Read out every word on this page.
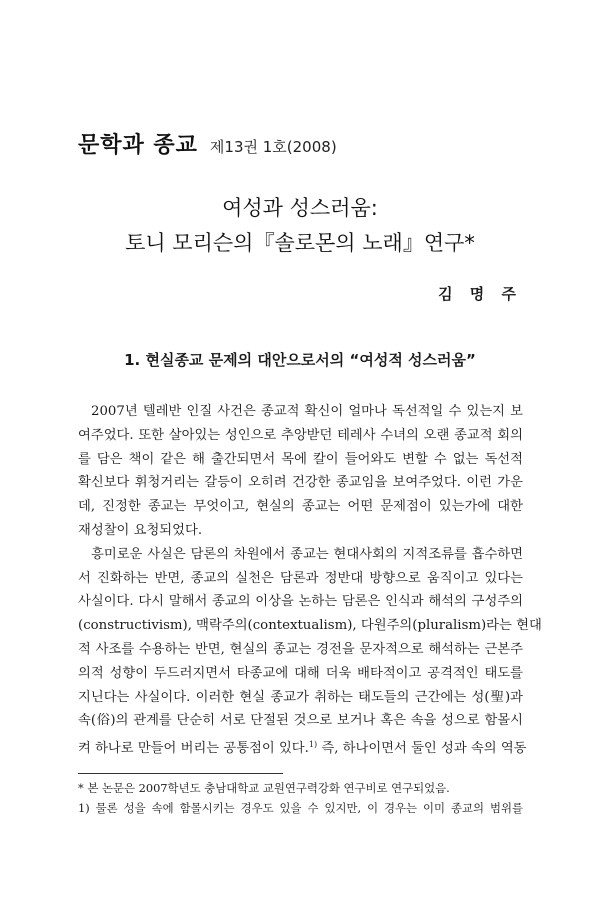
문학과 종교 제13권 1호(2008)
여성과 성스러움:
토니 모리슨의『솔로몬의 노래』연구*
김 명 주
1. 현실종교 문제의 대안으로서의 “여성적 성스러움”
2007년 텔레반 인질 사건은 종교적 확신이 얼마나 독선적일 수 있는지 보
여주었다. 또한 살아있는 성인으로 추앙받던 테레사 수녀의 오랜 종교적 회의
를 담은 책이 같은 해 출간되면서 목에 칼이 들어와도 변할 수 없는 독선적
확신보다 휘청거리는 갈등이 오히려 건강한 종교임을 보여주었다. 이런 가운
데, 진정한 종교는 무엇이고, 현실의 종교는 어떤 문제점이 있는가에 대한
재성찰이 요청되었다.
흥미로운 사실은 담론의 차원에서 종교는 현대사회의 지적조류를 흡수하면
서 진화하는 반면, 종교의 실천은 담론과 정반대 방향으로 움직이고 있다는
사실이다. 다시 말해서 종교의 이상을 논하는 담론은 인식과 해석의 구성주의
(constructivism), 맥락주의(contextualism), 다원주의(pluralism)라는 현대
적 사조를 수용하는 반면, 현실의 종교는 경전을 문자적으로 해석하는 근본주
의적 성향이 두드러지면서 타종교에 대해 더욱 배타적이고 공격적인 태도를
지닌다는 사실이다. 이러한 현실 종교가 취하는 태도들의 근간에는 성(聖)과
속(俗)의 관계를 단순히 서로 단절된 것으로 보거나 혹은 속을 성으로 함몰시
켜 하나로 만들어 버리는 공통점이 있다.$^{1)}$ 즉, 하나이면서 둘인 성과 속의 역동
* 본 논문은 2007학년도 충남대학교 교원연구력강화 연구비로 연구되었음.
1) 물론 성을 속에 함몰시키는 경우도 있을 수 있지만, 이 경우는 이미 종교의 범위를
